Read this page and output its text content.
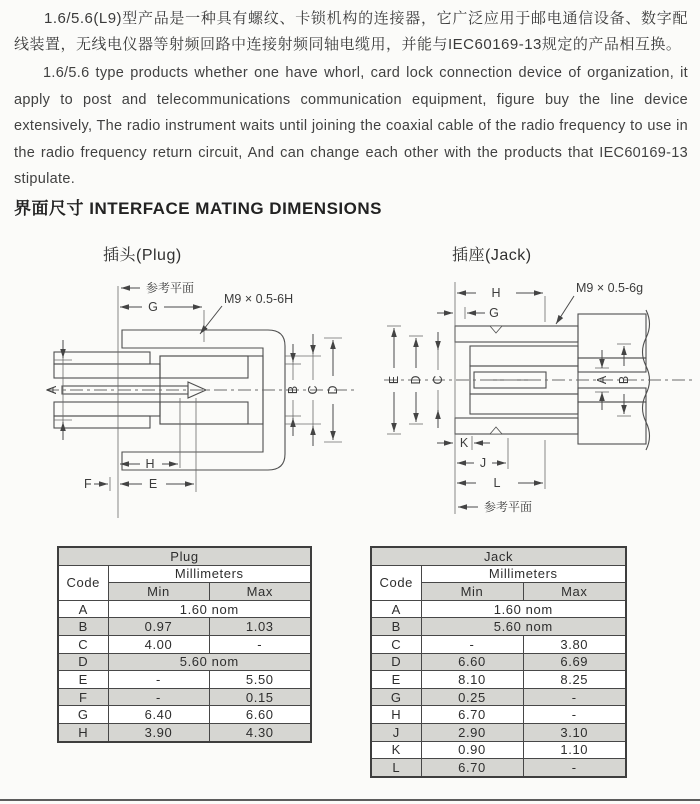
1.6/5.6(L9)型产品是一种具有螺纹、卡锁机构的连接器，它广泛应用于邮电通信设备、数字配线装置，无线电仪器等射频回路中连接射频同轴电缆用，并能与IEC60169-13规定的产品相互换。
1.6/5.6 type products whether one have whorl, card lock connection device of organization, it apply to post and telecommunications communication equipment, figure buy the line device extensively, The radio instrument waits until joining the coaxial cable of the radio frequency to use in the radio frequency return circuit, And can change each other with the products that IEC60169-13 stipulate.
界面尺寸 INTERFACE MATING DIMENSIONS
插头(Plug)	插座(Jack)
参考平面
G
M9 × 0.5-6H
A	B C D
H
F	E
H	M9 × 0.5-6g
G
E D C	A B
K
J
L
参考平面
Plug		
Code	Millimeters	
	Min	Max
A	1.60 nom	
B	0.97	1.03
C	4.00	-
D	5.60 nom	
E	-	5.50
F	-	0.15
G	6.40	6.60
H	3.90	4.30
Jack		
Code	Millimeters	
	Min	Max
A	1.60 nom	
B	5.60 nom	
C	-	3.80
D	6.60	6.69
E	8.10	8.25
G	0.25	-
H	6.70	-
J	2.90	3.10
K	0.90	1.10
L	6.70	-
